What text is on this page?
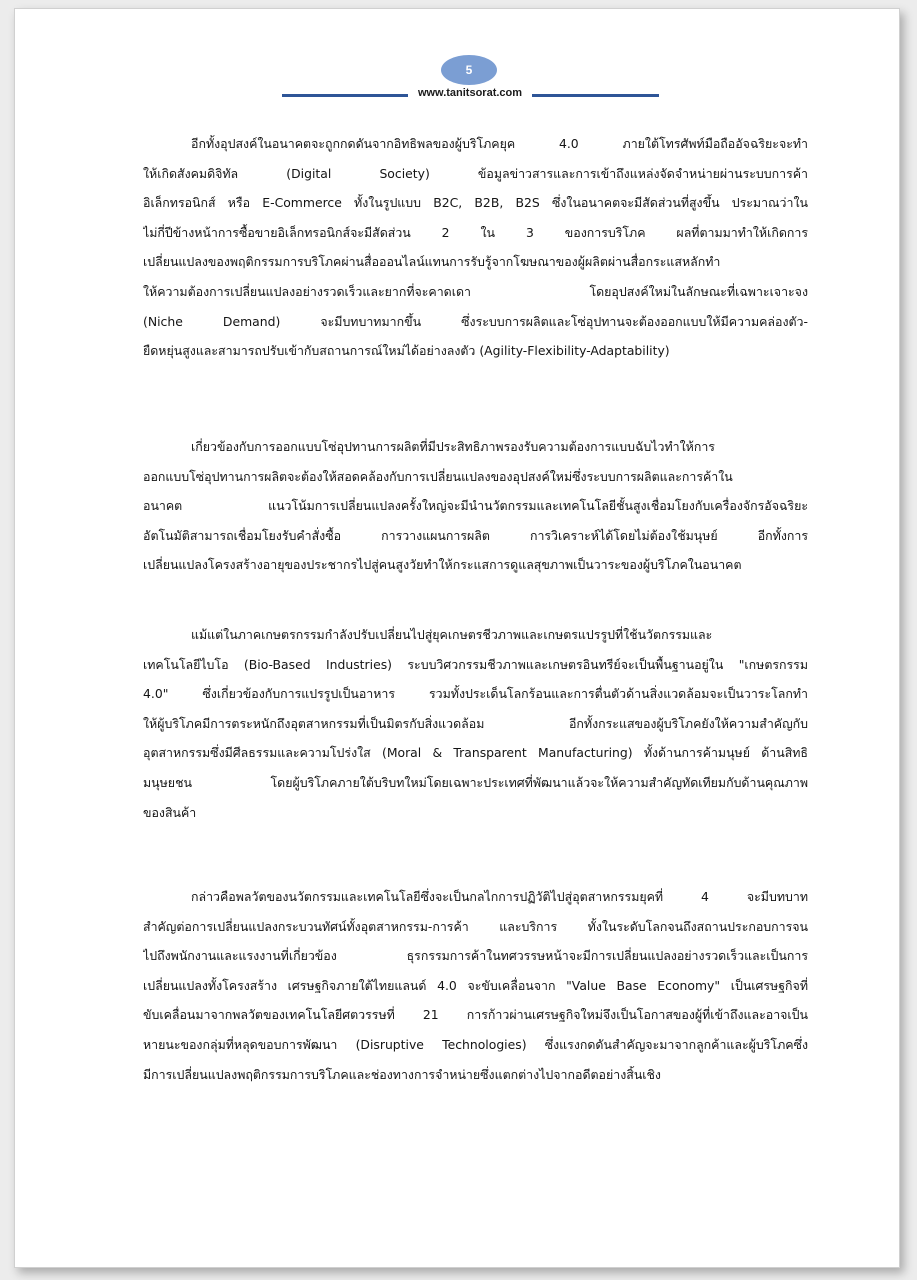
5
www.tanitsorat.com
อีกทั้งอุปสงค์ในอนาคตจะถูกกดดันจากอิทธิพลของผู้บริโภคยุค 4.0 ภายใต้โทรศัพท์มือถืออัจฉริยะจะทำ
ให้เกิดสังคมดิจิทัล (Digital Society) ข้อมูลข่าวสารและการเข้าถึงแหล่งจัดจำหน่ายผ่านระบบการค้า
อิเล็กทรอนิกส์ หรือ E-Commerce ทั้งในรูปแบบ B2C, B2B, B2S ซึ่งในอนาคตจะมีสัดส่วนที่สูงขึ้น ประมาณว่าใน
ไม่กี่ปีข้างหน้าการซื้อขายอิเล็กทรอนิกส์จะมีสัดส่วน 2 ใน 3 ของการบริโภค ผลที่ตามมาทำให้เกิดการ
เปลี่ยนแปลงของพฤติกรรมการบริโภคผ่านสื่อออนไลน์แทนการรับรู้จากโฆษณาของผู้ผลิตผ่านสื่อกระแสหลักทำ
ให้ความต้องการเปลี่ยนแปลงอย่างรวดเร็วและยากที่จะคาดเดา โดยอุปสงค์ใหม่ในลักษณะที่เฉพาะเจาะจง
(Niche Demand) จะมีบทบาทมากขึ้น ซึ่งระบบการผลิตและโซ่อุปทานจะต้องออกแบบให้มีความคล่องตัว-
ยืดหยุ่นสูงและสามารถปรับเข้ากับสถานการณ์ใหม่ได้อย่างลงตัว (Agility-Flexibility-Adaptability)
เกี่ยวข้องกับการออกแบบโซ่อุปทานการผลิตที่มีประสิทธิภาพรองรับความต้องการแบบฉับไวทำให้การ
ออกแบบโซ่อุปทานการผลิตจะต้องให้สอดคล้องกับการเปลี่ยนแปลงของอุปสงค์ใหม่ซึ่งระบบการผลิตและการค้าใน
อนาคต แนวโน้มการเปลี่ยนแปลงครั้งใหญ่จะมีนำนวัตกรรมและเทคโนโลยีชั้นสูงเชื่อมโยงกับเครื่องจักรอัจฉริยะ
อัตโนมัติสามารถเชื่อมโยงรับคำสั่งซื้อ การวางแผนการผลิต การวิเคราะห์ได้โดยไม่ต้องใช้มนุษย์ อีกทั้งการ
เปลี่ยนแปลงโครงสร้างอายุของประชากรไปสู่คนสูงวัยทำให้กระแสการดูแลสุขภาพเป็นวาระของผู้บริโภคในอนาคต
แม้แต่ในภาคเกษตรกรรมกำลังปรับเปลี่ยนไปสู่ยุคเกษตรชีวภาพและเกษตรแปรรูปที่ใช้นวัตกรรมและ
เทคโนโลยีไบโอ (Bio-Based Industries) ระบบวิศวกรรมชีวภาพและเกษตรอินทรีย์จะเป็นพื้นฐานอยู่ใน "เกษตรกรรม
4.0" ซึ่งเกี่ยวข้องกับการแปรรูปเป็นอาหาร รวมทั้งประเด็นโลกร้อนและการตื่นตัวด้านสิ่งแวดล้อมจะเป็นวาระโลกทำ
ให้ผู้บริโภคมีการตระหนักถึงอุตสาหกรรมที่เป็นมิตรกับสิ่งแวดล้อม อีกทั้งกระแสของผู้บริโภคยังให้ความสำคัญกับ
อุตสาหกรรมซึ่งมีศีลธรรมและความโปร่งใส (Moral & Transparent Manufacturing) ทั้งด้านการค้ามนุษย์ ด้านสิทธิ
มนุษยชน โดยผู้บริโภคภายใต้บริบทใหม่โดยเฉพาะประเทศที่พัฒนาแล้วจะให้ความสำคัญทัดเทียมกับด้านคุณภาพ
ของสินค้า
กล่าวคือพลวัตของนวัตกรรมและเทคโนโลยีซึ่งจะเป็นกลไกการปฏิวัติไปสู่อุตสาหกรรมยุคที่ 4 จะมีบทบาท
สำคัญต่อการเปลี่ยนแปลงกระบวนทัศน์ทั้งอุตสาหกรรม-การค้า และบริการ ทั้งในระดับโลกจนถึงสถานประกอบการจน
ไปถึงพนักงานและแรงงานที่เกี่ยวข้อง ธุรกรรมการค้าในทศวรรษหน้าจะมีการเปลี่ยนแปลงอย่างรวดเร็วและเป็นการ
เปลี่ยนแปลงทั้งโครงสร้าง เศรษฐกิจภายใต้ไทยแลนด์ 4.0 จะขับเคลื่อนจาก "Value Base Economy" เป็นเศรษฐกิจที่
ขับเคลื่อนมาจากพลวัตของเทคโนโลยีศตวรรษที่ 21 การก้าวผ่านเศรษฐกิจใหม่จึงเป็นโอกาสของผู้ที่เข้าถึงและอาจเป็น
หายนะของกลุ่มที่หลุดขอบการพัฒนา (Disruptive Technologies) ซึ่งแรงกดดันสำคัญจะมาจากลูกค้าและผู้บริโภคซึ่ง
มีการเปลี่ยนแปลงพฤติกรรมการบริโภคและช่องทางการจำหน่ายซึ่งแตกต่างไปจากอดีตอย่างสิ้นเชิง
